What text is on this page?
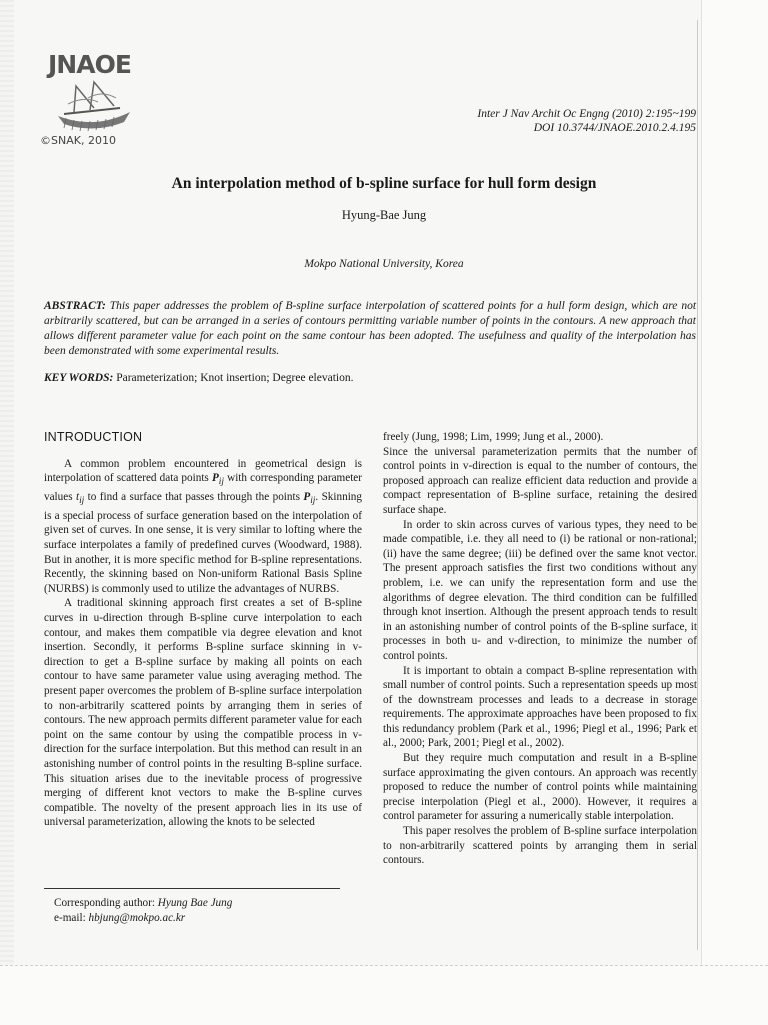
JNAOE
©SNAK, 2010
Inter J Nav Archit Oc Engng (2010) 2:195~199
DOI 10.3744/JNAOE.2010.2.4.195
An interpolation method of b-spline surface for hull form design
Hyung-Bae Jung
Mokpo National University, Korea
ABSTRACT: This paper addresses the problem of B-spline surface interpolation of scattered points for a hull form design, which are not arbitrarily scattered, but can be arranged in a series of contours permitting variable number of points in the contours. A new approach that allows different parameter value for each point on the same contour has been adopted. The usefulness and quality of the interpolation has been demonstrated with some experimental results.
KEY WORDS: Parameterization; Knot insertion; Degree elevation.
INTRODUCTION

A common problem encountered in geometrical design is interpolation of scattered data points $P_{ij}$ with corresponding parameter values $t_{ij}$ to find a surface that passes through the points $P_{ij}$. Skinning is a special process of surface generation based on the interpolation of given set of curves. In one sense, it is very similar to lofting where the surface interpolates a family of predefined curves (Woodward, 1988). But in another, it is more specific method for B-spline representations. Recently, the skinning based on Non-uniform Rational Basis Spline (NURBS) is commonly used to utilize the advantages of NURBS.

A traditional skinning approach first creates a set of B-spline curves in u-direction through B-spline curve interpolation to each contour, and makes them compatible via degree elevation and knot insertion. Secondly, it performs B-spline surface skinning in v-direction to get a B-spline surface by making all points on each contour to have same parameter value using averaging method. The present paper overcomes the problem of B-spline surface interpolation to non-arbitrarily scattered points by arranging them in series of contours. The new approach permits different parameter value for each point on the same contour by using the compatible process in v-direction for the surface interpolation. But this method can result in an astonishing number of control points in the resulting B-spline surface. This situation arises due to the inevitable process of progressive merging of different knot vectors to make the B-spline curves compatible. The novelty of the present approach lies in its use of universal parameterization, allowing the knots to be selected

freely (Jung, 1998; Lim, 1999; Jung et al., 2000).

Since the universal parameterization permits that the number of control points in v-direction is equal to the number of contours, the proposed approach can realize efficient data reduction and provide a compact representation of B-spline surface, retaining the desired surface shape.

In order to skin across curves of various types, they need to be made compatible, i.e. they all need to (i) be rational or non-rational; (ii) have the same degree; (iii) be defined over the same knot vector. The present approach satisfies the first two conditions without any problem, i.e. we can unify the representation form and use the algorithms of degree elevation. The third condition can be fulfilled through knot insertion. Although the present approach tends to result in an astonishing number of control points of the B-spline surface, it processes in both u- and v-direction, to minimize the number of control points.

It is important to obtain a compact B-spline representation with small number of control points. Such a representation speeds up most of the downstream processes and leads to a decrease in storage requirements. The approximate approaches have been proposed to fix this redundancy problem (Park et al., 1996; Piegl et al., 1996; Park et al., 2000; Park, 2001; Piegl et al., 2002).

But they require much computation and result in a B-spline surface approximating the given contours. An approach was recently proposed to reduce the number of control points while maintaining precise interpolation (Piegl et al., 2000). However, it requires a control parameter for assuring a numerically stable interpolation.

This paper resolves the problem of B-spline surface interpolation to non-arbitrarily scattered points by arranging them in serial contours.

Corresponding author: Hyung Bae Jung
e-mail: hbjung@mokpo.ac.kr
